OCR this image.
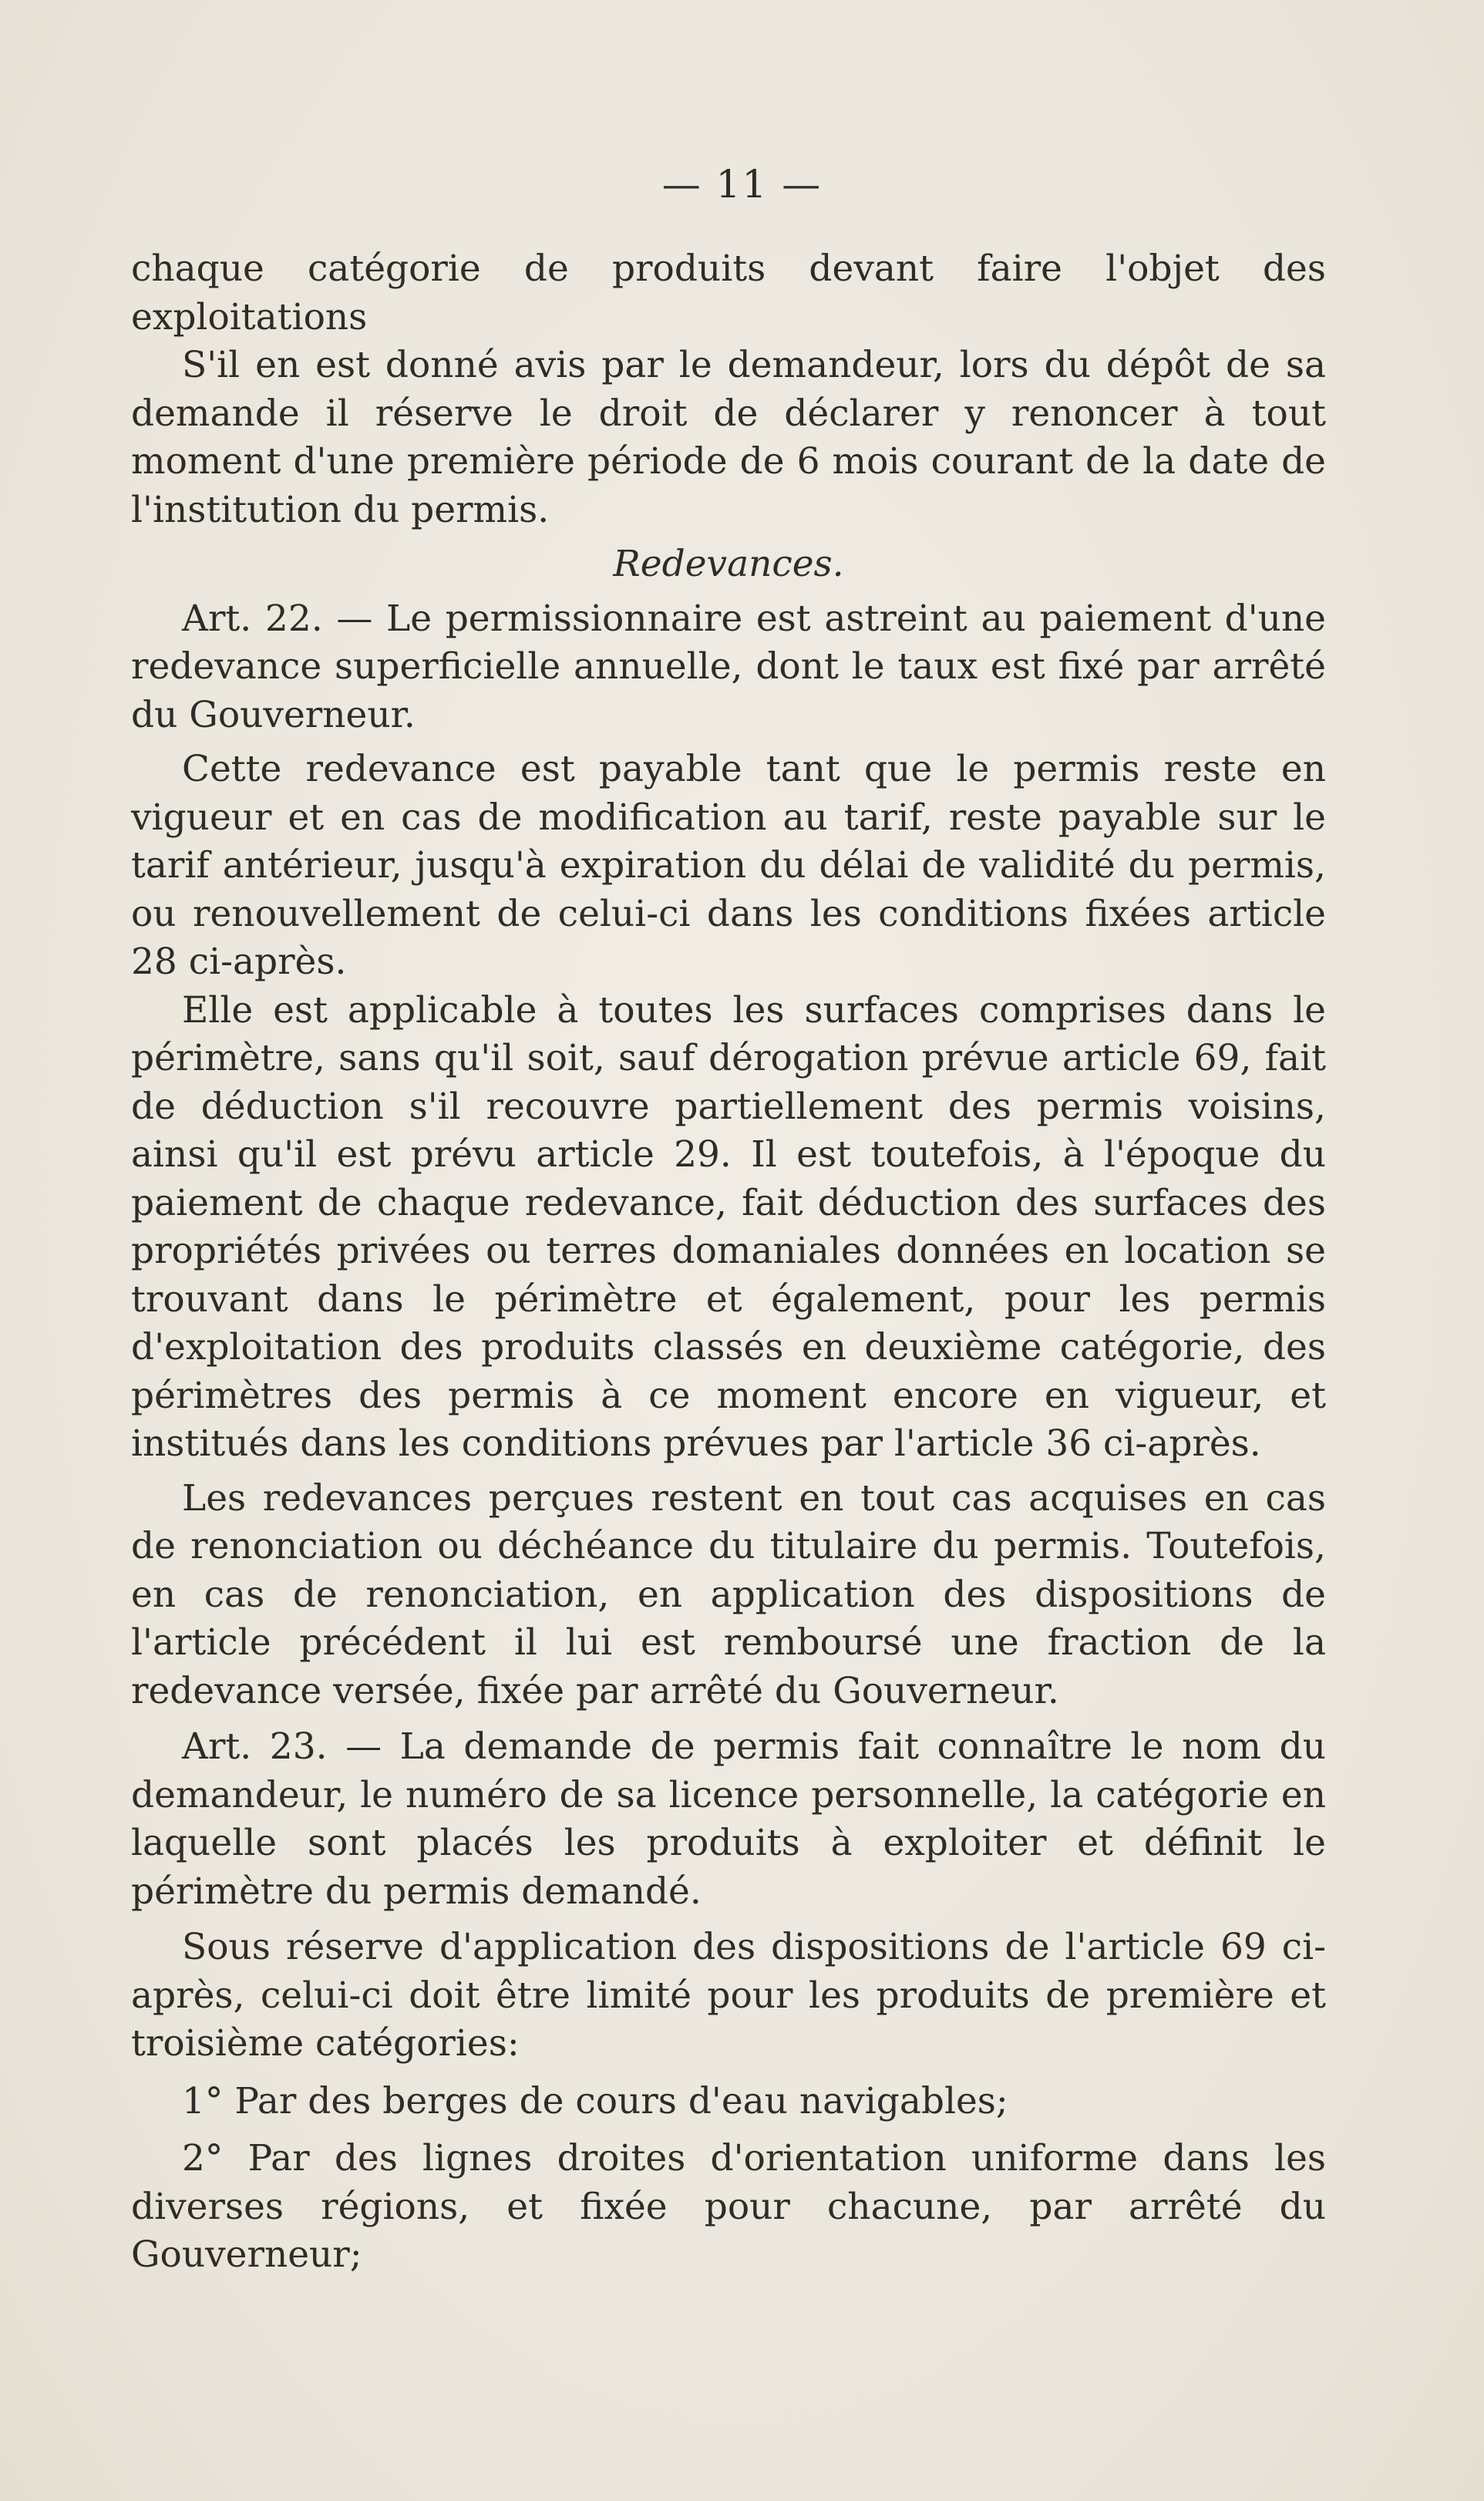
— 11 —

chaque catégorie de produits devant faire l'objet des exploitations

S'il en est donné avis par le demandeur, lors du dépôt de sa demande il réserve le droit de déclarer y renoncer à tout moment d'une première période de 6 mois courant de la date de l'institution du permis.

Redevances.

Art. 22. — Le permissionnaire est astreint au paiement d'une redevance superficielle annuelle, dont le taux est fixé par arrêté du Gouverneur.

Cette redevance est payable tant que le permis reste en vigueur et en cas de modification au tarif, reste payable sur le tarif antérieur, jusqu'à expiration du délai de validité du permis, ou renouvellement de celui-ci dans les conditions fixées article 28 ci-après.

Elle est applicable à toutes les surfaces comprises dans le périmètre, sans qu'il soit, sauf dérogation prévue article 69, fait de déduction s'il recouvre partiellement des permis voisins, ainsi qu'il est prévu article 29. Il est toutefois, à l'époque du paiement de chaque redevance, fait déduction des surfaces des propriétés privées ou terres domaniales données en location se trouvant dans le périmètre et également, pour les permis d'exploitation des produits classés en deuxième catégorie, des périmètres des permis à ce moment encore en vigueur, et institués dans les conditions prévues par l'article 36 ci-après.

Les redevances perçues restent en tout cas acquises en cas de renonciation ou déchéance du titulaire du permis. Toutefois, en cas de renonciation, en application des dispositions de l'article précédent il lui est remboursé une fraction de la redevance versée, fixée par arrêté du Gouverneur.

Art. 23. — La demande de permis fait connaître le nom du demandeur, le numéro de sa licence personnelle, la catégorie en laquelle sont placés les produits à exploiter et définit le périmètre du permis demandé.

Sous réserve d'application des dispositions de l'article 69 ci-après, celui-ci doit être limité pour les produits de première et troisième catégories:

1° Par des berges de cours d'eau navigables;

2° Par des lignes droites d'orientation uniforme dans les diverses régions, et fixée pour chacune, par arrêté du Gouverneur;
